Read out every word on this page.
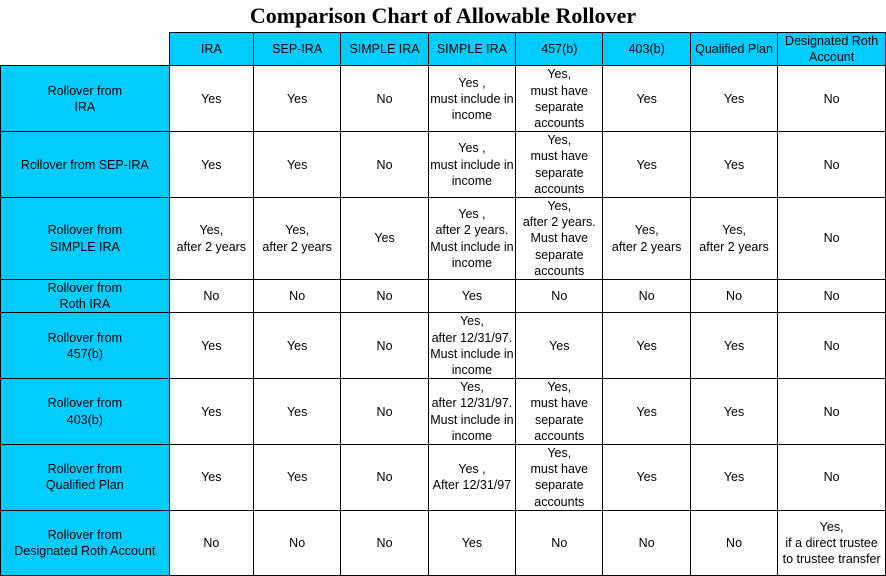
Comparison Chart of Allowable Rollover
	IRA	SEP-IRA	SIMPLE IRA	SIMPLE IRA	457(b)	403(b)	Qualified Plan	Designated Roth
Account
Rollover from
IRA	Yes	Yes	No	Yes ,
must include in
income	Yes,
must have
separate
accounts	Yes	Yes	No
Rollover from SEP-IRA	Yes	Yes	No	Yes ,
must include in
income	Yes,
must have
separate
accounts	Yes	Yes	No
Rollover from
SIMPLE IRA	Yes,
after 2 years	Yes,
after 2 years	Yes	Yes ,
after 2 years.
Must include in
income	Yes,
after 2 years.
Must have
separate
accounts	Yes,
after 2 years	Yes,
after 2 years	No
Rollover from
Roth IRA	No	No	No	Yes	No	No	No	No
Rollover from
457(b)	Yes	Yes	No	Yes,
after 12/31/97.
Must include in
income	Yes	Yes	Yes	No
Rollover from
403(b)	Yes	Yes	No	Yes,
after 12/31/97.
Must include in
income	Yes,
must have
separate
accounts	Yes	Yes	No
Rollover from
Qualified Plan	Yes	Yes	No	Yes ,
After 12/31/97	Yes,
must have
separate
accounts	Yes	Yes	No
Rollover from
Designated Roth Account	No	No	No	Yes	No	No	No	Yes,
if a direct trustee
to trustee transfer
